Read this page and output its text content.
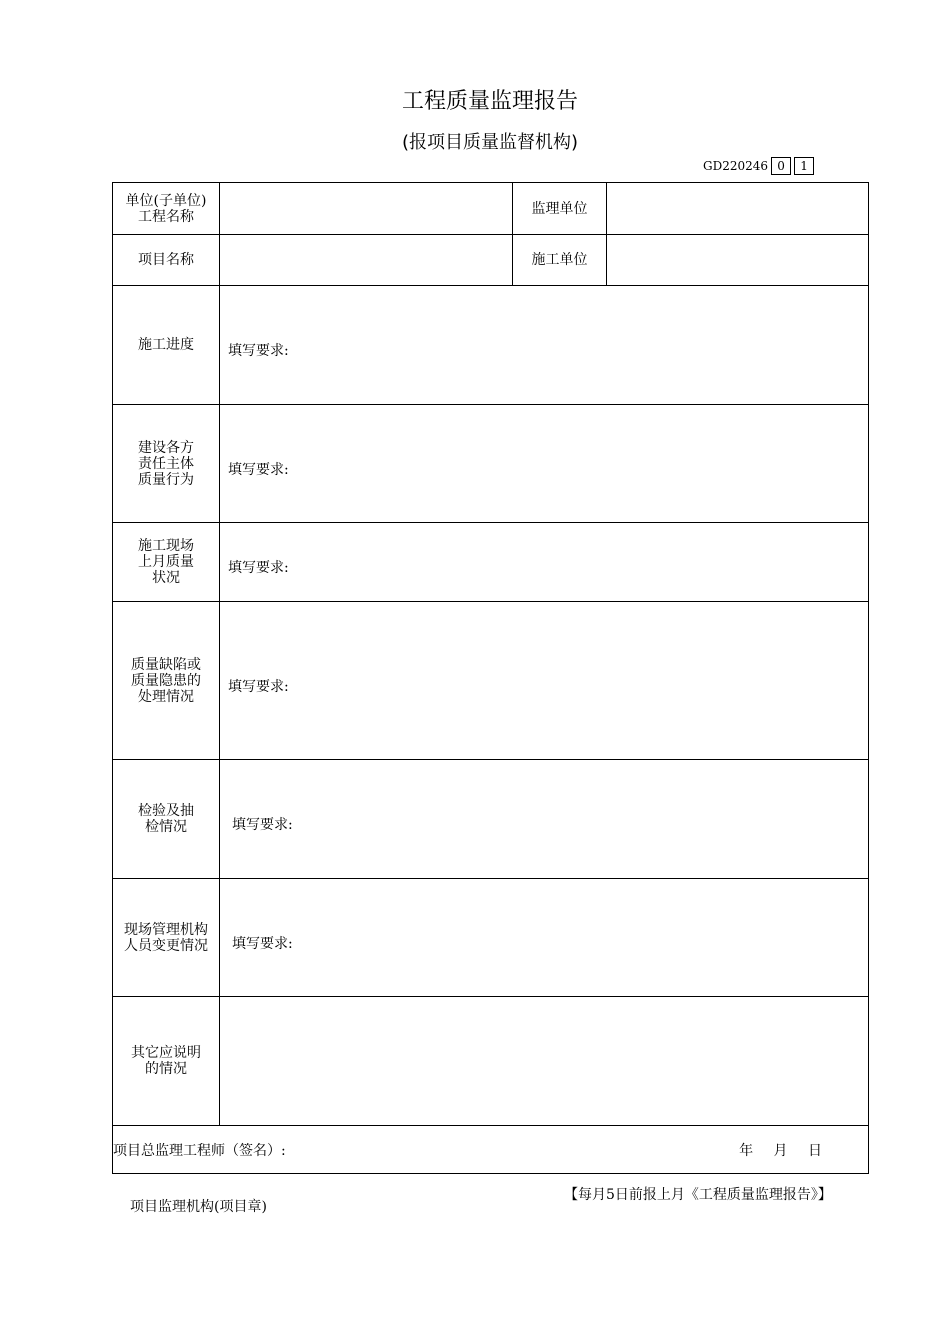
工程质量监理报告
(报项目质量监督机构)
GD220246 0	1
单位(子单位)
工程名称		监理单位	
项目名称		施工单位	
施工进度	填写要求:		

建设各方
责任主体
质量行为	填写要求:		

施工现场
上月质量
状况	填写要求:		

质量缺陷或
质量隐患的
处理情况	填写要求:		

检验及抽
检情况	填写要求:		

现场管理机构
人员变更情况	填写要求:		

其它应说明
的情况			

项目总监理工程师（签名）: 年 月 日			
项目监理机构(项目章)
【每月5日前报上月《工程质量监理报告》】
